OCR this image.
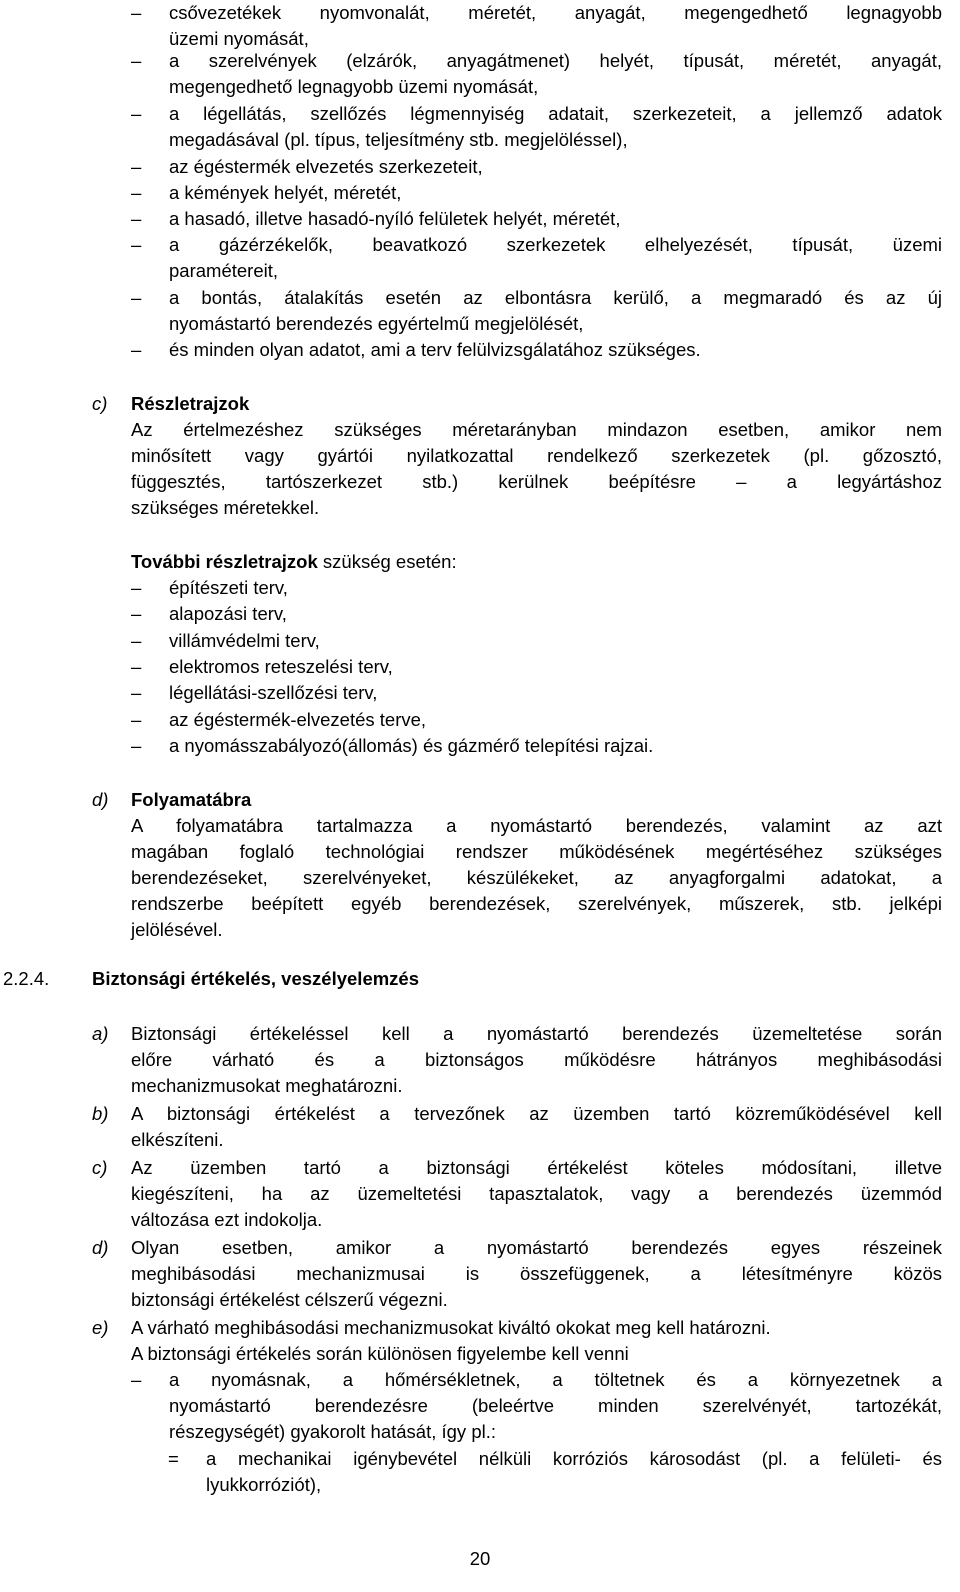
– csővezetékek nyomvonalát, méretét, anyagát, megengedhető legnagyobb
üzemi nyomását,
– a szerelvények (elzárók, anyagátmenet) helyét, típusát, méretét, anyagát,
megengedhető legnagyobb üzemi nyomását,
– a légellátás, szellőzés légmennyiség adatait, szerkezeteit, a jellemző adatok
megadásával (pl. típus, teljesítmény stb. megjelöléssel),
– az égéstermék elvezetés szerkezeteit,
– a kémények helyét, méretét,
– a hasadó, illetve hasadó-nyíló felületek helyét, méretét,
– a gázérzékelők, beavatkozó szerkezetek elhelyezését, típusát, üzemi
paramétereit,
– a bontás, átalakítás esetén az elbontásra kerülő, a megmaradó és az új
nyomástartó berendezés egyértelmű megjelölését,
– és minden olyan adatot, ami a terv felülvizsgálatához szükséges.
c) Részletrajzok
Az értelmezéshez szükséges méretarányban mindazon esetben, amikor nem
minősített vagy gyártói nyilatkozattal rendelkező szerkezetek (pl. gőzosztó,
függesztés, tartószerkezet stb.) kerülnek beépítésre – a legyártáshoz
szükséges méretekkel.
További részletrajzok szükség esetén:
– építészeti terv,
– alapozási terv,
– villámvédelmi terv,
– elektromos reteszelési terv,
– légellátási-szellőzési terv,
– az égéstermék-elvezetés terve,
– a nyomásszabályozó(állomás) és gázmérő telepítési rajzai.
d) Folyamatábra
A folyamatábra tartalmazza a nyomástartó berendezés, valamint az azt
magában foglaló technológiai rendszer működésének megértéséhez szükséges
berendezéseket, szerelvényeket, készülékeket, az anyagforgalmi adatokat, a
rendszerbe beépített egyéb berendezések, szerelvények, műszerek, stb. jelképi
jelölésével.
2.2.4. Biztonsági értékelés, veszélyelemzés
a) Biztonsági értékeléssel kell a nyomástartó berendezés üzemeltetése során
előre várható és a biztonságos működésre hátrányos meghibásodási
mechanizmusokat meghatározni.
b) A biztonsági értékelést a tervezőnek az üzemben tartó közreműködésével kell
elkészíteni.
c) Az üzemben tartó a biztonsági értékelést köteles módosítani, illetve
kiegészíteni, ha az üzemeltetési tapasztalatok, vagy a berendezés üzemmód
változása ezt indokolja.
d) Olyan esetben, amikor a nyomástartó berendezés egyes részeinek
meghibásodási mechanizmusai is összefüggenek, a létesítményre közös
biztonsági értékelést célszerű végezni.
e) A várható meghibásodási mechanizmusokat kiváltó okokat meg kell határozni.
A biztonsági értékelés során különösen figyelembe kell venni
– a nyomásnak, a hőmérsékletnek, a töltetnek és a környezetnek a
nyomástartó berendezésre (beleértve minden szerelvényét, tartozékát,
részegységét) gyakorolt hatását, így pl.:
= a mechanikai igénybevétel nélküli korróziós károsodást (pl. a felületi- és
lyukkorróziót),
20
